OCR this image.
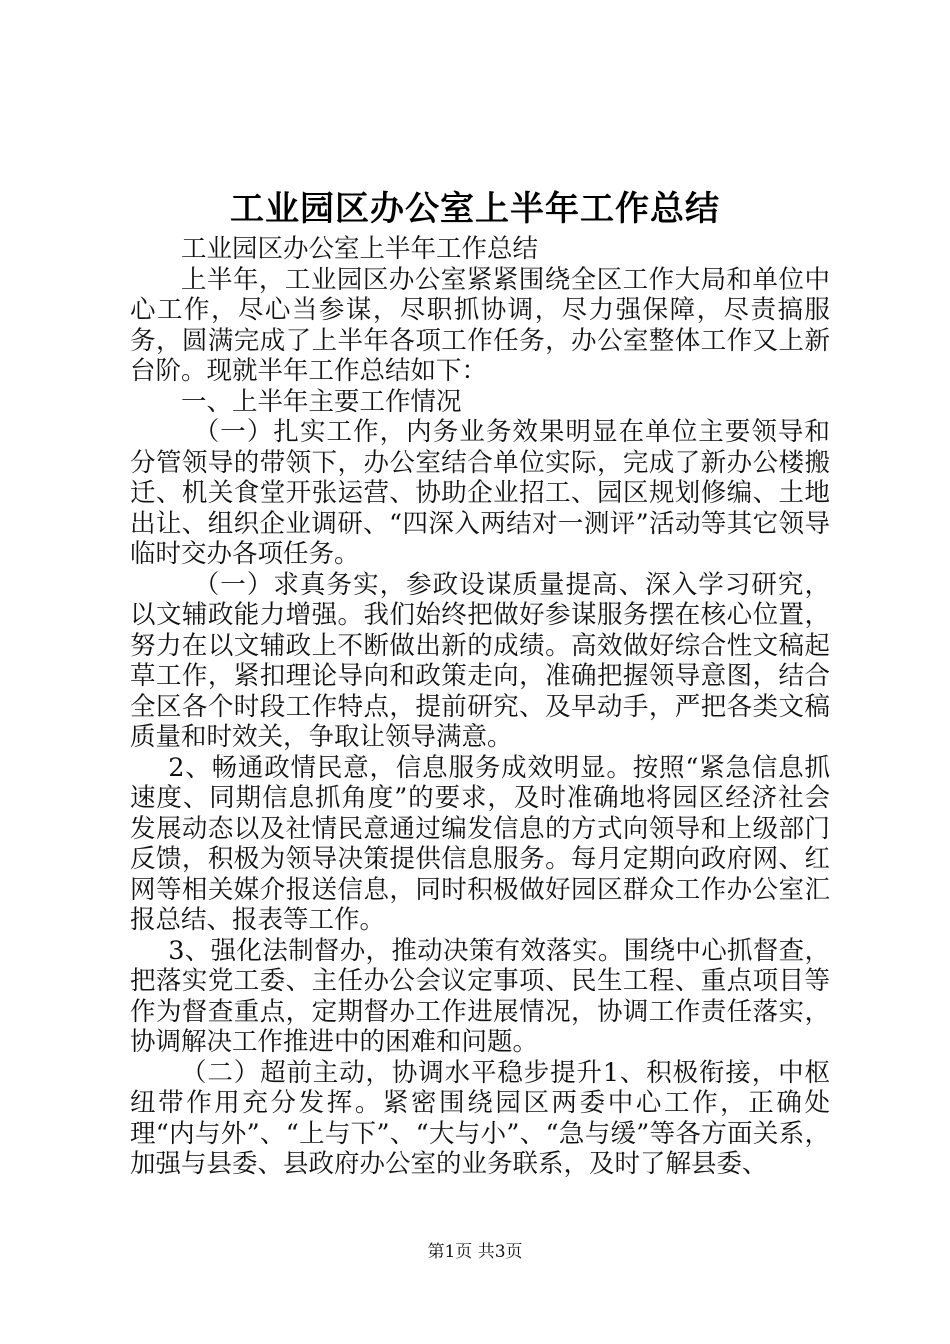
工业园区办公室上半年工作总结

工业园区办公室上半年工作总结

上半年，工业园区办公室紧紧围绕全区工作大局和单位中心工作，尽心当参谋，尽职抓协调，尽力强保障，尽责搞服务，圆满完成了上半年各项工作任务，办公室整体工作又上新台阶。现就半年工作总结如下：

一、上半年主要工作情况

（一）扎实工作，内务业务效果明显在单位主要领导和分管领导的带领下，办公室结合单位实际，完成了新办公楼搬迁、机关食堂开张运营、协助企业招工、园区规划修编、土地出让、组织企业调研、“四深入两结对一测评”活动等其它领导临时交办各项任务。

（一）求真务实，参政设谋质量提高、深入学习研究，以文辅政能力增强。我们始终把做好参谋服务摆在核心位置，努力在以文辅政上不断做出新的成绩。高效做好综合性文稿起草工作，紧扣理论导向和政策走向，准确把握领导意图，结合全区各个时段工作特点，提前研究、及早动手，严把各类文稿质量和时效关，争取让领导满意。

2、畅通政情民意，信息服务成效明显。按照“紧急信息抓速度、同期信息抓角度”的要求，及时准确地将园区经济社会发展动态以及社情民意通过编发信息的方式向领导和上级部门反馈，积极为领导决策提供信息服务。每月定期向政府网、红网等相关媒介报送信息，同时积极做好园区群众工作办公室汇报总结、报表等工作。

3、强化法制督办，推动决策有效落实。围绕中心抓督查，把落实党工委、主任办公会议定事项、民生工程、重点项目等作为督查重点，定期督办工作进展情况，协调工作责任落实，协调解决工作推进中的困难和问题。

（二）超前主动，协调水平稳步提升1、积极衔接，中枢纽带作用充分发挥。紧密围绕园区两委中心工作，正确处理“内与外”、“上与下”、“大与小”、“急与缓”等各方面关系，加强与县委、县政府办公室的业务联系，及时了解县委、

第1页 共3页
